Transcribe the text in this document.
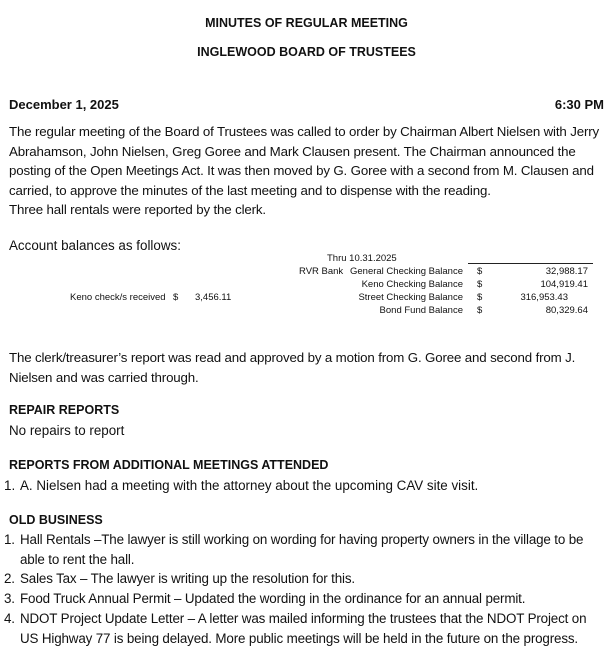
MINUTES OF REGULAR MEETING
INGLEWOOD BOARD OF TRUSTEES
December 1, 2025	6:30 PM
The regular meeting of the Board of Trustees was called to order by Chairman Albert Nielsen with Jerry Abrahamson, John Nielsen, Greg Goree and Mark Clausen present. The Chairman announced the posting of the Open Meetings Act. It was then moved by G. Goree with a second from M. Clausen and carried, to approve the minutes of the last meeting and to dispense with the reading.
Three hall rentals were reported by the clerk.
Account balances as follows:
Thru 10.31.2025
RVR Bank General Checking Balance $	32,988.17
Keno Checking Balance $	104,919.41
Street Checking Balance $	316,953.43
Bond Fund Balance $	80,329.64
Keno check/s received $ 3,456.11
The clerk/treasurer’s report was read and approved by a motion from G. Goree and second from J. Nielsen and was carried through.
REPAIR REPORTS
No repairs to report
REPORTS FROM ADDITIONAL MEETINGS ATTENDED
1. A. Nielsen had a meeting with the attorney about the upcoming CAV site visit.
OLD BUSINESS
1. Hall Rentals –The lawyer is still working on wording for having property owners in the village to be able to rent the hall.
2. Sales Tax – The lawyer is writing up the resolution for this.
3. Food Truck Annual Permit – Updated the wording in the ordinance for an annual permit.
4. NDOT Project Update Letter – A letter was mailed informing the trustees that the NDOT Project on US Highway 77 is being delayed. More public meetings will be held in the future on the progress.
